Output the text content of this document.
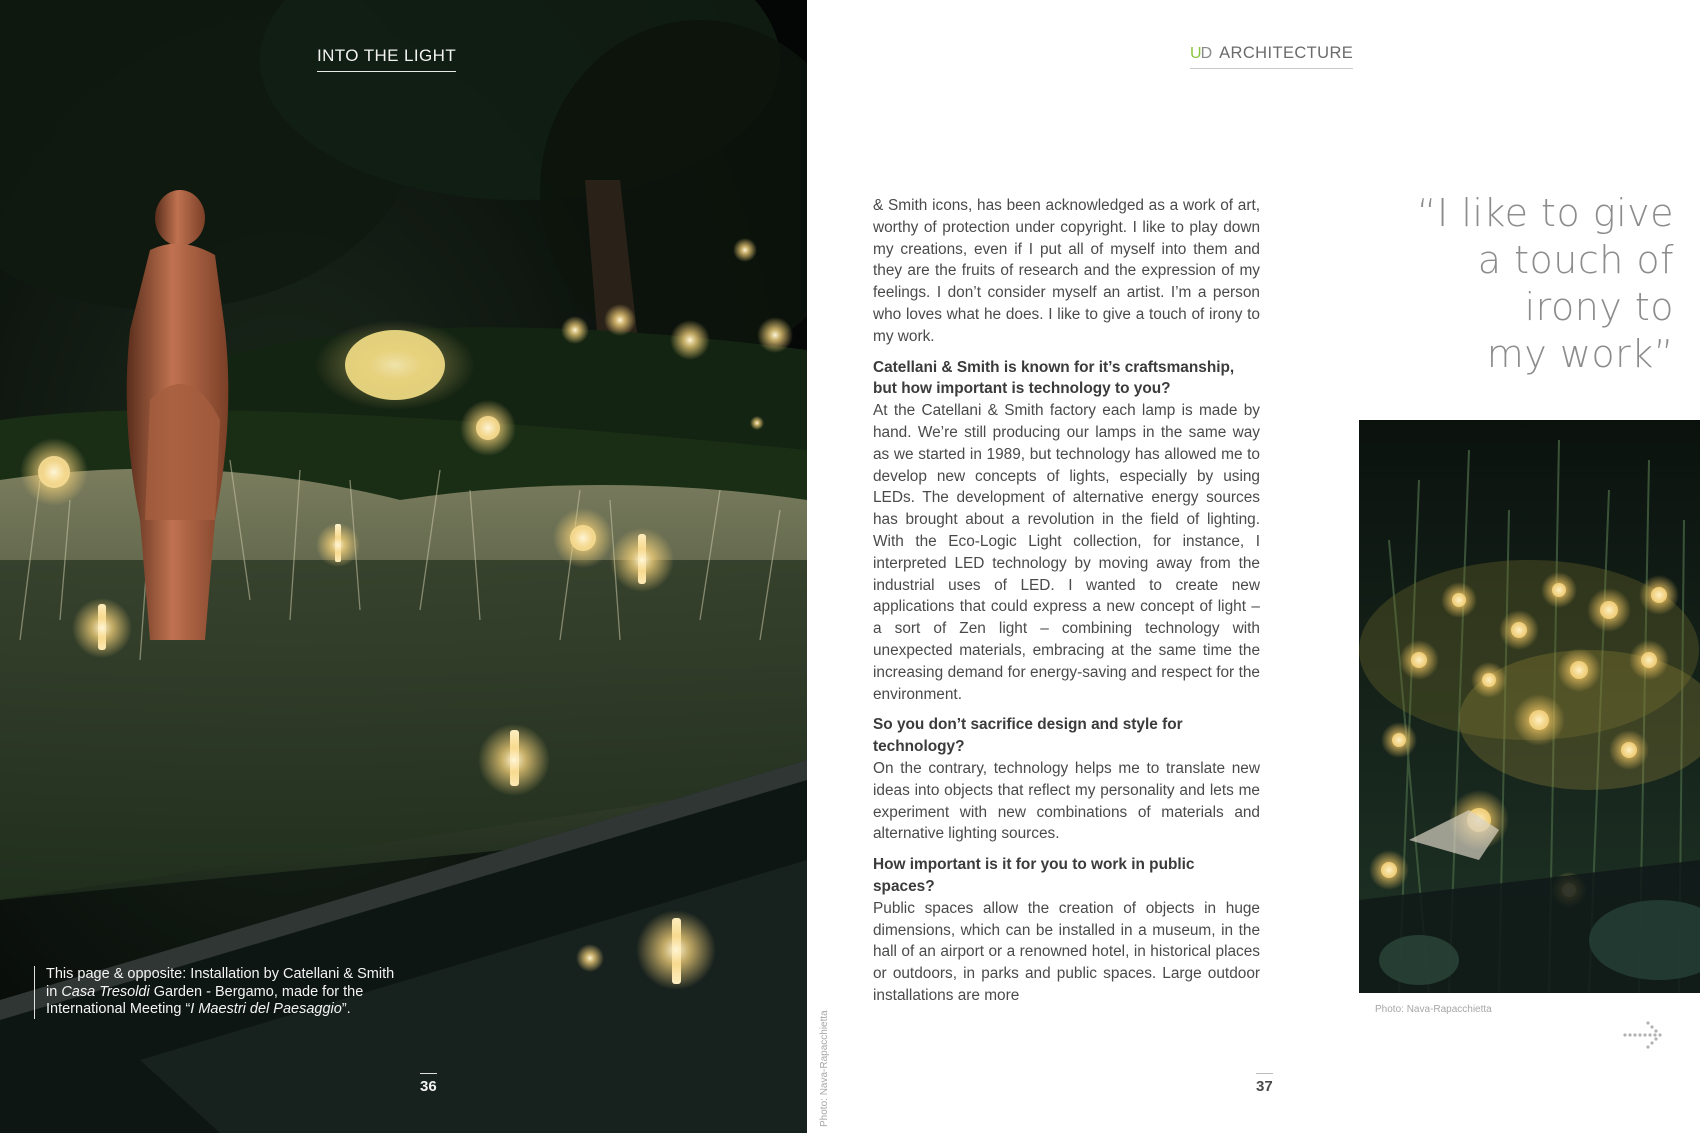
INTO THE LIGHT
This page & opposite: Installation by Catellani & Smith
in Casa Tresoldi Garden - Bergamo, made for the
International Meeting “I Maestri del Paesaggio”.
36
UD ARCHITECTURE

& Smith icons, has been acknowledged as a work of art, worthy of protection under copyright. I like to play down my creations, even if I put all of myself into them and they are the fruits of research and the expression of my feelings. I don’t consider myself an artist. I’m a person who loves what he does. I like to give a touch of irony to my work.

Catellani & Smith is known for it’s craftsmanship, but how important is technology to you?

At the Catellani & Smith factory each lamp is made by hand. We’re still producing our lamps in the same way as we started in 1989, but technology has allowed me to develop new concepts of lights, especially by using LEDs. The development of alternative energy sources has brought about a revolution in the field of lighting. With the Eco-Logic Light collection, for instance, I interpreted LED technology by moving away from the industrial uses of LED. I wanted to create new applications that could express a new concept of light – a sort of Zen light – combining technology with unexpected materials, embracing at the same time the increasing demand for energy-saving and respect for the environment.

So you don’t sacrifice design and style for technology?

On the contrary, technology helps me to translate new ideas into objects that reflect my personality and lets me experiment with new combinations of materials and alternative lighting sources.

How important is it for you to work in public spaces?

Public spaces allow the creation of objects in huge dimensions, which can be installed in a museum, in the hall of an airport or a renowned hotel, in historical places or outdoors, in parks and public spaces. Large outdoor installations are more

“I like to give
a touch of
irony to
my work”
Photo: Nava-Rapacchietta
37
Photo: Nava-Rapacchietta
